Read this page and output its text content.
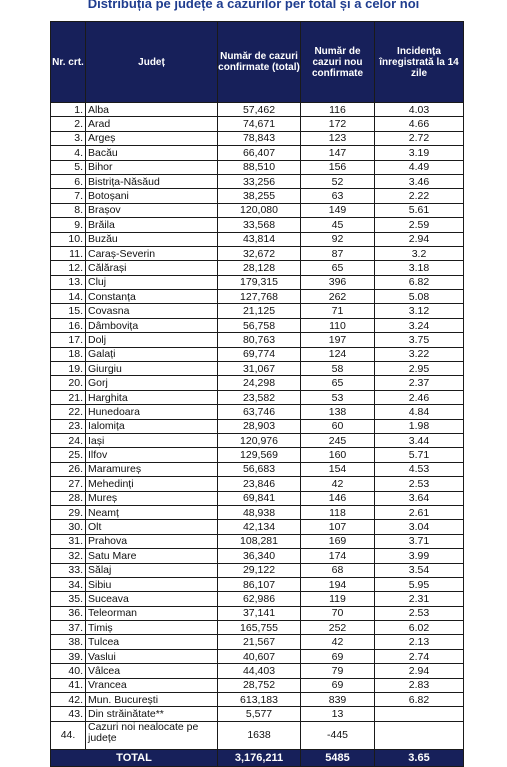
Distribuția pe județe a cazurilor per total și a celor noi
Nr. crt.	Județ	Număr de cazuri confirmate (total)	Număr de cazuri nou confirmate	Incidența înregistrată la 14 zile
1.	Alba	57,462	116	4.03
2.	Arad	74,671	172	4.66
3.	Argeș	78,843	123	2.72
4.	Bacău	66,407	147	3.19
5.	Bihor	88,510	156	4.49
6.	Bistrița-Năsăud	33,256	52	3.46
7.	Botoșani	38,255	63	2.22
8.	Brașov	120,080	149	5.61
9.	Brăila	33,568	45	2.59
10.	Buzău	43,814	92	2.94
11.	Caraș-Severin	32,672	87	3.2
12.	Călărași	28,128	65	3.18
13.	Cluj	179,315	396	6.82
14.	Constanța	127,768	262	5.08
15.	Covasna	21,125	71	3.12
16.	Dâmbovița	56,758	110	3.24
17.	Dolj	80,763	197	3.75
18.	Galați	69,774	124	3.22
19.	Giurgiu	31,067	58	2.95
20.	Gorj	24,298	65	2.37
21.	Harghita	23,582	53	2.46
22.	Hunedoara	63,746	138	4.84
23.	Ialomița	28,903	60	1.98
24.	Iași	120,976	245	3.44
25.	Ilfov	129,569	160	5.71
26.	Maramureș	56,683	154	4.53
27.	Mehedinți	23,846	42	2.53
28.	Mureș	69,841	146	3.64
29.	Neamț	48,938	118	2.61
30.	Olt	42,134	107	3.04
31.	Prahova	108,281	169	3.71
32.	Satu Mare	36,340	174	3.99
33.	Sălaj	29,122	68	3.54
34.	Sibiu	86,107	194	5.95
35.	Suceava	62,986	119	2.31
36.	Teleorman	37,141	70	2.53
37.	Timiș	165,755	252	6.02
38.	Tulcea	21,567	42	2.13
39.	Vaslui	40,607	69	2.74
40.	Vâlcea	44,403	79	2.94
41.	Vrancea	28,752	69	2.83
42.	Mun. București	613,183	839	6.82
43.	Din străinătate**	5,577	13	
44.	Cazuri noi nealocate pe județe	1638	-445	
TOTAL		3,176,211	5485	3.65
